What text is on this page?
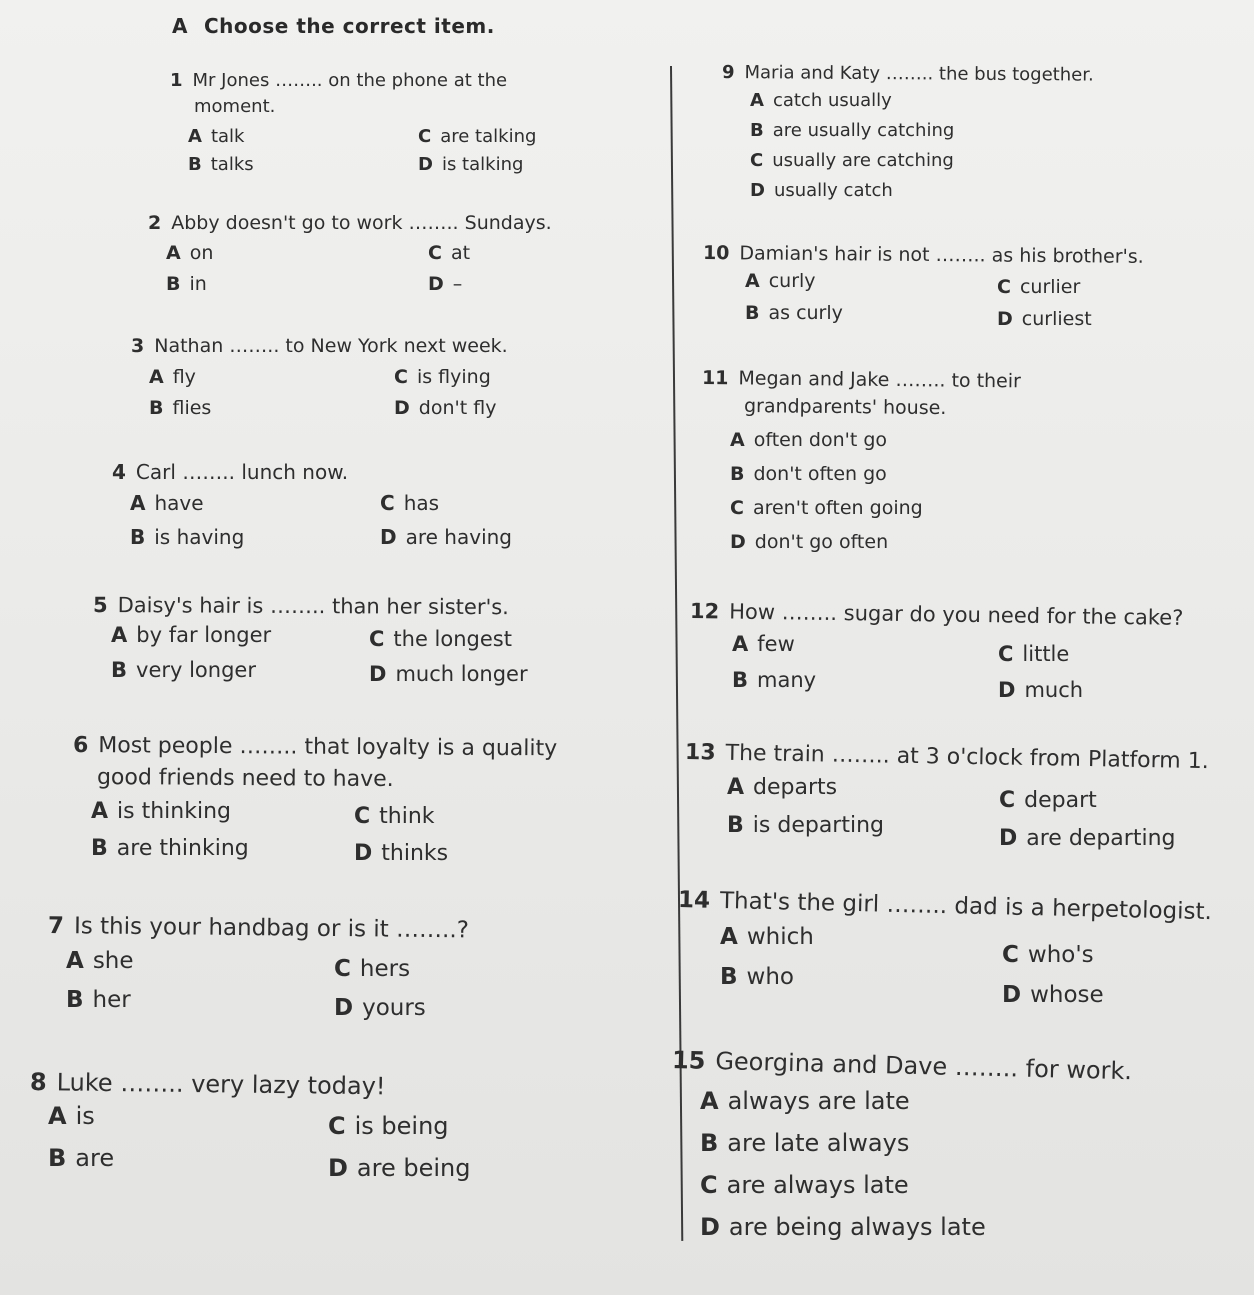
A Choose the correct item.
1 Mr Jones …….. on the phone at the
moment.
A talk
B talks
C are talking
D is talking
2 Abby doesn't go to work …….. Sundays.
A on
B in
C at
D –
3 Nathan …….. to New York next week.
A fly
B flies
C is flying
D don't fly
4 Carl …….. lunch now.
A have
B is having
C has
D are having
5 Daisy's hair is …….. than her sister's.
A by far longer
B very longer
C the longest
D much longer
6 Most people …….. that loyalty is a quality
good friends need to have.
A is thinking
B are thinking
C think
D thinks
7 Is this your handbag or is it ……..?
A she
B her
C hers
D yours
8 Luke …….. very lazy today!
A is
B are
C is being
D are being
9 Maria and Katy …….. the bus together.
A catch usually
B are usually catching
C usually are catching
D usually catch
10 Damian's hair is not …….. as his brother's.
A curly
B as curly
C curlier
D curliest
11 Megan and Jake …….. to their
grandparents' house.
A often don't go
B don't often go
C aren't often going
D don't go often
12 How …….. sugar do you need for the cake?
A few
B many
C little
D much
13 The train …….. at 3 o'clock from Platform 1.
A departs
B is departing
C depart
D are departing
14 That's the girl …….. dad is a herpetologist.
A which
B who
C who's
D whose
15 Georgina and Dave …….. for work.
A always are late
B are late always
C are always late
D are being always late
